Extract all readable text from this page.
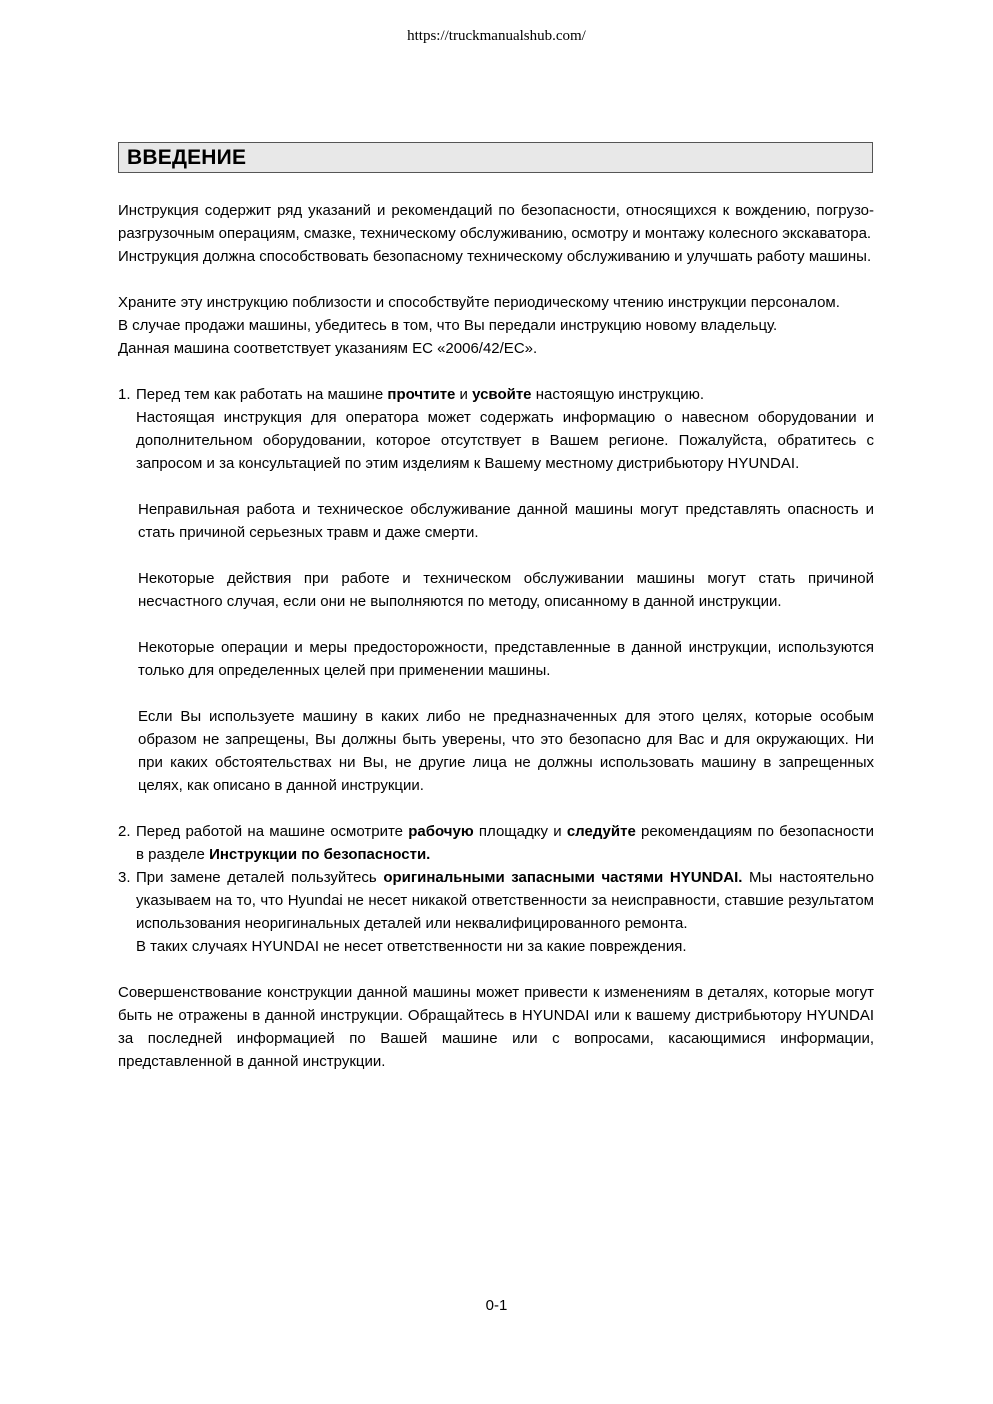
https://truckmanualshub.com/
ВВЕДЕНИЕ

Инструкция содержит ряд указаний и рекомендаций по безопасности, относящихся к вождению, погрузо-разгрузочным операциям, смазке, техническому обслуживанию, осмотру и монтажу колесного экскаватора.

Инструкция должна способствовать безопасному техническому обслуживанию и улучшать работу машины.

Храните эту инструкцию поблизости и способствуйте периодическому чтению инструкции персоналом.

В случае продажи машины, убедитесь в том, что Вы передали инструкцию новому владельцу.

Данная машина соответствует указаниям ЕС «2006/42/EC».

1. Перед тем как работать на машине прочтите и усвойте настоящую инструкцию.

Настоящая инструкция для оператора может содержать информацию о навесном оборудовании и дополнительном оборудовании, которое отсутствует в Вашем регионе. Пожалуйста, обратитесь с запросом и за консультацией по этим изделиям к Вашему местному дистрибьютору HYUNDAI.

Неправильная работа и техническое обслуживание данной машины могут представлять опасность и стать причиной серьезных травм и даже смерти.

Некоторые действия при работе и техническом обслуживании машины могут стать причиной несчастного случая, если они не выполняются по методу, описанному в данной инструкции.

Некоторые операции и меры предосторожности, представленные в данной инструкции, используются только для определенных целей при применении машины.

Если Вы используете машину в каких либо не предназначенных для этого целях, которые особым образом не запрещены, Вы должны быть уверены, что это безопасно для Вас и для окружающих. Ни при каких обстоятельствах ни Вы, не другие лица не должны использовать машину в запрещенных целях, как описано в данной инструкции.

2. Перед работой на машине осмотрите рабочую площадку и следуйте рекомендациям по безопасности в разделе Инструкции по безопасности.

3. При замене деталей пользуйтесь оригинальными запасными частями HYUNDAI. Мы настоятельно указываем на то, что Hyundai не несет никакой ответственности за неисправности, ставшие результатом использования неоригинальных деталей или неквалифицированного ремонта.

В таких случаях HYUNDAI не несет ответственности ни за какие повреждения.

Совершенствование конструкции данной машины может привести к изменениям в деталях, которые могут быть не отражены в данной инструкции. Обращайтесь в HYUNDAI или к вашему дистрибьютору HYUNDAI за последней информацией по Вашей машине или с вопросами, касающимися информации, представленной в данной инструкции.

0-1
